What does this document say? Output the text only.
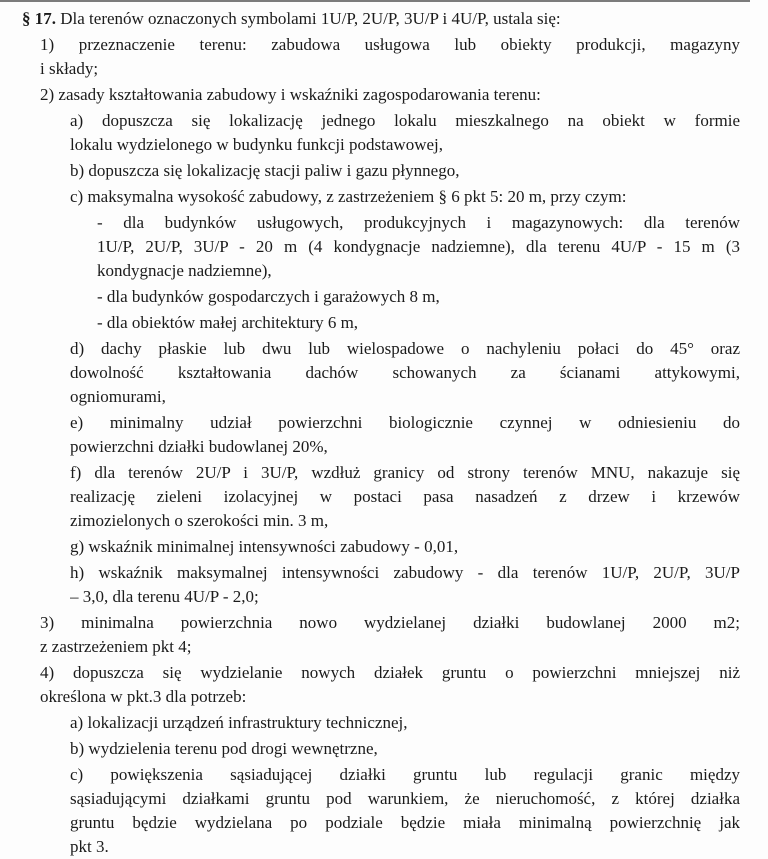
§ 17. Dla terenów oznaczonych symbolami 1U/P, 2U/P, 3U/P i 4U/P, ustala się:
1) przeznaczenie terenu: zabudowa usługowa lub obiekty produkcji, magazyny
i składy;
2) zasady kształtowania zabudowy i wskaźniki zagospodarowania terenu:
a) dopuszcza się lokalizację jednego lokalu mieszkalnego na obiekt w formie
lokalu wydzielonego w budynku funkcji podstawowej,
b) dopuszcza się lokalizację stacji paliw i gazu płynnego,
c) maksymalna wysokość zabudowy, z zastrzeżeniem § 6 pkt 5: 20 m, przy czym:
- dla budynków usługowych, produkcyjnych i magazynowych: dla terenów
1U/P, 2U/P, 3U/P - 20 m (4 kondygnacje nadziemne), dla terenu 4U/P - 15 m (3
kondygnacje nadziemne),
- dla budynków gospodarczych i garażowych 8 m,
- dla obiektów małej architektury 6 m,
d) dachy płaskie lub dwu lub wielospadowe o nachyleniu połaci do 45° oraz
dowolność kształtowania dachów schowanych za ścianami attykowymi,
ogniomurami,
e) minimalny udział powierzchni biologicznie czynnej w odniesieniu do
powierzchni działki budowlanej 20%,
f) dla terenów 2U/P i 3U/P, wzdłuż granicy od strony terenów MNU, nakazuje się
realizację zieleni izolacyjnej w postaci pasa nasadzeń z drzew i krzewów
zimozielonych o szerokości min. 3 m,
g) wskaźnik minimalnej intensywności zabudowy - 0,01,
h) wskaźnik maksymalnej intensywności zabudowy - dla terenów 1U/P, 2U/P, 3U/P
– 3,0, dla terenu 4U/P - 2,0;
3) minimalna powierzchnia nowo wydzielanej działki budowlanej 2000 m2;
z zastrzeżeniem pkt 4;
4) dopuszcza się wydzielanie nowych działek gruntu o powierzchni mniejszej niż
określona w pkt.3 dla potrzeb:
a) lokalizacji urządzeń infrastruktury technicznej,
b) wydzielenia terenu pod drogi wewnętrzne,
c) powiększenia sąsiadującej działki gruntu lub regulacji granic między
sąsiadującymi działkami gruntu pod warunkiem, że nieruchomość, z której działka
gruntu będzie wydzielana po podziale będzie miała minimalną powierzchnię jak
pkt 3.
